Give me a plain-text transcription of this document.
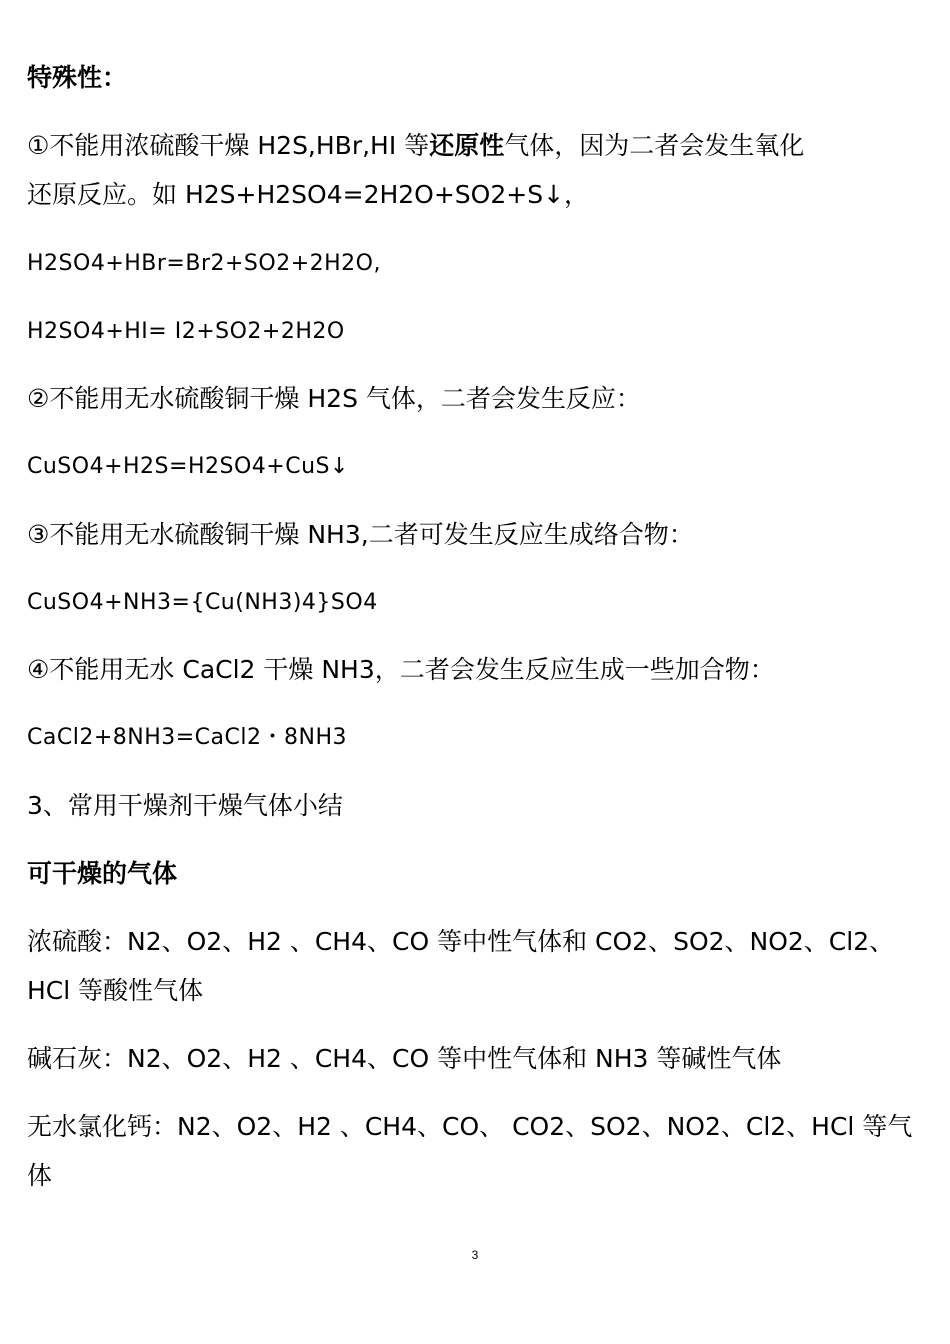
特殊性：
①不能用浓硫酸干燥 H2S,HBr,HI 等还原性气体，因为二者会发生氧化
还原反应。如 H2S+H2SO4=2H2O+SO2+S↓，
H2SO4+HBr=Br2+SO2+2H2O,
H2SO4+HI= I2+SO2+2H2O
②不能用无水硫酸铜干燥 H2S 气体，二者会发生反应：
CuSO4+H2S=H2SO4+CuS↓
③不能用无水硫酸铜干燥 NH3,二者可发生反应生成络合物：
CuSO4+NH3={Cu(NH3)4}SO4
④不能用无水 CaCl2 干燥 NH3，二者会发生反应生成一些加合物：
CaCl2+8NH3=CaCl2・8NH3
3、常用干燥剂干燥气体小结
可干燥的气体
浓硫酸：N2、O2、H2 、CH4、CO 等中性气体和 CO2、SO2、NO2、Cl2、
HCl 等酸性气体
碱石灰：N2、O2、H2 、CH4、CO 等中性气体和 NH3 等碱性气体
无水氯化钙：N2、O2、H2 、CH4、CO、 CO2、SO2、NO2、Cl2、HCl 等气
体
3
